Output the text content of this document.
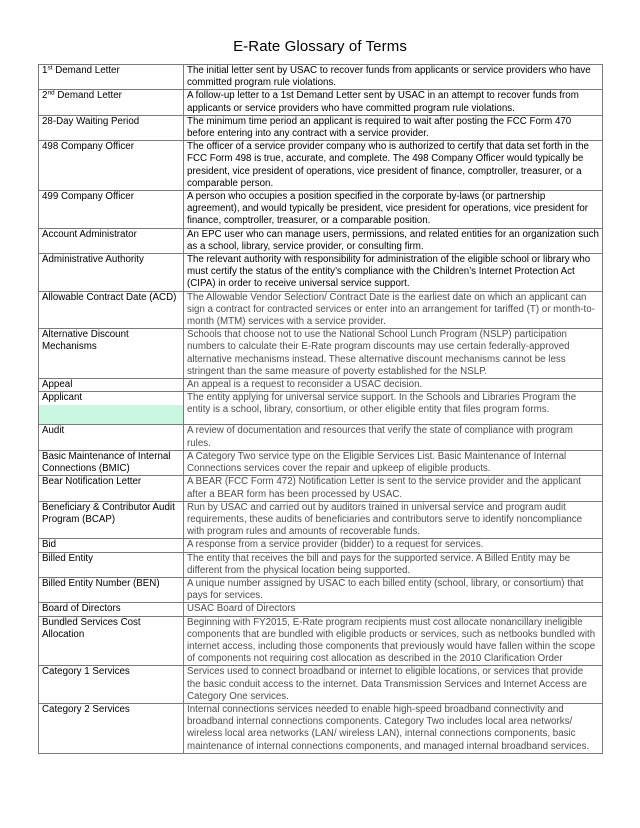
E-Rate Glossary of Terms
1st Demand Letter	The initial letter sent by USAC to recover funds from applicants or service providers who have committed program rule violations.
2nd Demand Letter	A follow-up letter to a 1st Demand Letter sent by USAC in an attempt to recover funds from applicants or service providers who have committed program rule violations.
28-Day Waiting Period	The minimum time period an applicant is required to wait after posting the FCC Form 470 before entering into any contract with a service provider.
498 Company Officer	The officer of a service provider company who is authorized to certify that data set forth in the FCC Form 498 is true, accurate, and complete. The 498 Company Officer would typically be president, vice president of operations, vice president of finance, comptroller, treasurer, or a comparable person.
499 Company Officer	A person who occupies a position specified in the corporate by-laws (or partnership agreement), and would typically be president, vice president for operations, vice president for finance, comptroller, treasurer, or a comparable position.
Account Administrator	An EPC user who can manage users, permissions, and related entities for an organization such as a school, library, service provider, or consulting firm.
Administrative Authority	The relevant authority with responsibility for administration of the eligible school or library who must certify the status of the entity’s compliance with the Children’s Internet Protection Act (CIPA) in order to receive universal service support.
Allowable Contract Date (ACD)	The Allowable Vendor Selection/ Contract Date is the earliest date on which an applicant can sign a contract for contracted services or enter into an arrangement for tariffed (T) or month-to-month (MTM) services with a service provider.
Alternative Discount Mechanisms	Schools that choose not to use the National School Lunch Program (NSLP) participation numbers to calculate their E-Rate program discounts may use certain federally-approved alternative mechanisms instead. These alternative discount mechanisms cannot be less stringent than the same measure of poverty established for the NSLP.
Appeal	An appeal is a request to reconsider a USAC decision.
Applicant	The entity applying for universal service support. In the Schools and Libraries Program the entity is a school, library, consortium, or other eligible entity that files program forms.
Audit	A review of documentation and resources that verify the state of compliance with program rules.
Basic Maintenance of Internal Connections (BMIC)	A Category Two service type on the Eligible Services List. Basic Maintenance of Internal Connections services cover the repair and upkeep of eligible products.
Bear Notification Letter	A BEAR (FCC Form 472) Notification Letter is sent to the service provider and the applicant after a BEAR form has been processed by USAC.
Beneficiary & Contributor Audit Program (BCAP)	Run by USAC and carried out by auditors trained in universal service and program audit requirements, these audits of beneficiaries and contributors serve to identify noncompliance with program rules and amounts of recoverable funds.
Bid	A response from a service provider (bidder) to a request for services.
Billed Entity	The entity that receives the bill and pays for the supported service. A Billed Entity may be different from the physical location being supported.
Billed Entity Number (BEN)	A unique number assigned by USAC to each billed entity (school, library, or consortium) that pays for services.
Board of Directors	USAC Board of Directors
Bundled Services Cost Allocation	Beginning with FY2015, E-Rate program recipients must cost allocate nonancillary ineligible components that are bundled with eligible products or services, such as netbooks bundled with internet access, including those components that previously would have fallen within the scope of components not requiring cost allocation as described in the 2010 Clarification Order
Category 1 Services	Services used to connect broadband or internet to eligible locations, or services that provide the basic conduit access to the internet. Data Transmission Services and Internet Access are Category One services.
Category 2 Services	Internal connections services needed to enable high-speed broadband connectivity and broadband internal connections components. Category Two includes local area networks/ wireless local area networks (LAN/ wireless LAN), internal connections components, basic maintenance of internal connections components, and managed internal broadband services.
